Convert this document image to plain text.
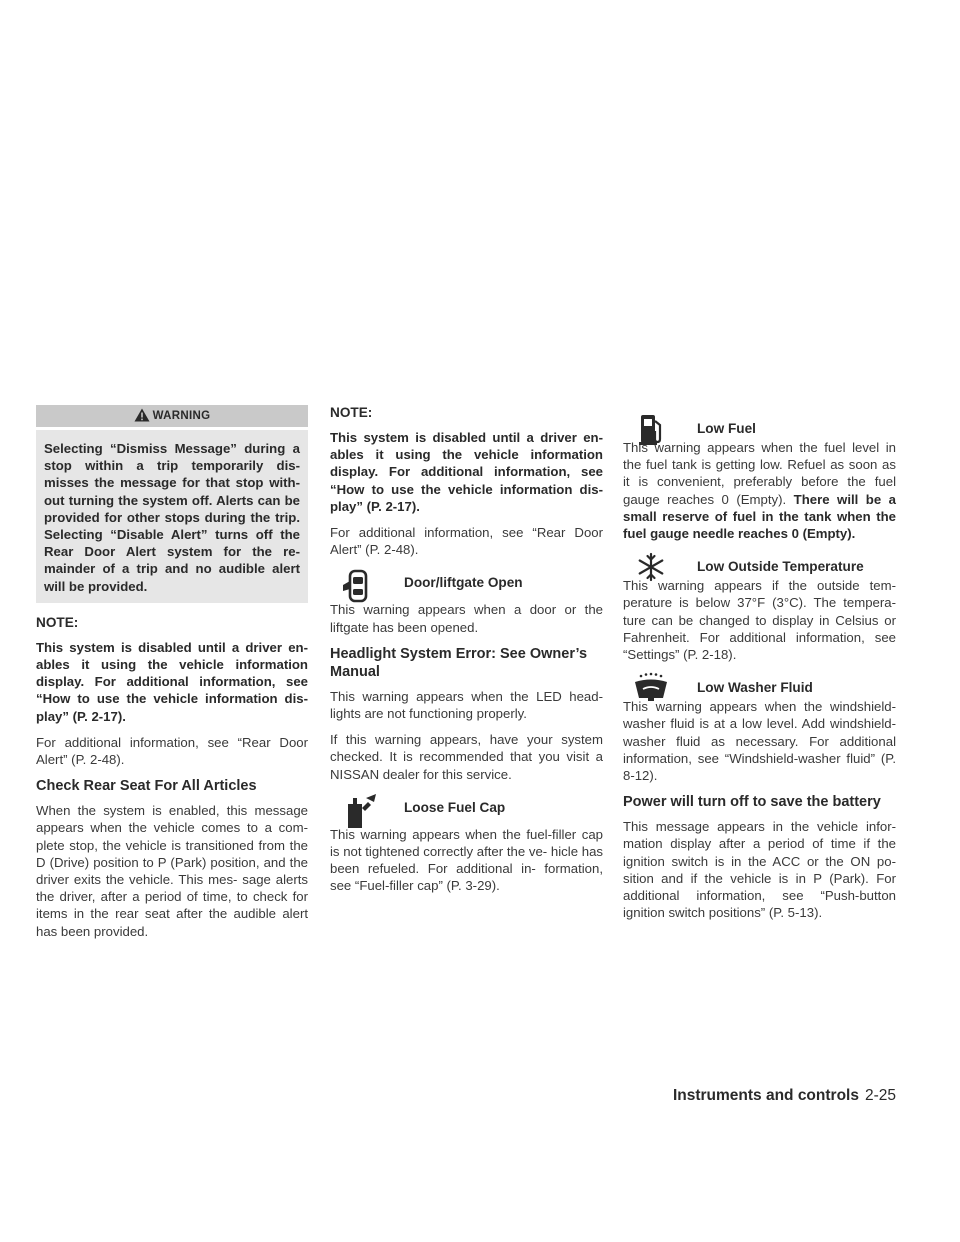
WARNING
Selecting “Dismiss Message” during a stop within a trip temporarily dis- misses the message for that stop with- out turning the system off. Alerts can be provided for other stops during the trip. Selecting “Disable Alert” turns off the Rear Door Alert system for the re- mainder of a trip and no audible alert will be provided.
NOTE:

This system is disabled until a driver en- ables it using the vehicle information display. For additional information, see “How to use the vehicle information dis- play” (P. 2-17).

For additional information, see “Rear Door Alert” (P. 2-48).

Check Rear Seat For All Articles

When the system is enabled, this message appears when the vehicle comes to a com- plete stop, the vehicle is transitioned from the D (Drive) position to P (Park) position, and the driver exits the vehicle. This mes- sage alerts the driver, after a period of time, to check for items in the rear seat after the audible alert has been provided.

NOTE:

This system is disabled until a driver en- ables it using the vehicle information display. For additional information, see “How to use the vehicle information dis- play” (P. 2-17).

For additional information, see “Rear Door Alert” (P. 2-48).

Door/liftgate Open

This warning appears when a door or the liftgate has been opened.

Headlight System Error: See Owner’s Manual

This warning appears when the LED head- lights are not functioning properly.

If this warning appears, have your system checked. It is recommended that you visit a NISSAN dealer for this service.

Loose Fuel Cap

This warning appears when the fuel-filler cap is not tightened correctly after the ve- hicle has been refueled. For additional in- formation, see “Fuel-filler cap” (P. 3-29).

Low Fuel

This warning appears when the fuel level in the fuel tank is getting low. Refuel as soon as it is convenient, preferably before the fuel gauge reaches 0 (Empty). There will be a small reserve of fuel in the tank when the fuel gauge needle reaches 0 (Empty).

Low Outside Temperature

This warning appears if the outside tem- perature is below 37°F (3°C). The tempera- ture can be changed to display in Celsius or Fahrenheit. For additional information, see “Settings” (P. 2-18).

Low Washer Fluid

This warning appears when the windshield-washer fluid is at a low level. Add windshield-washer fluid as necessary. For additional information, see “Windshield-washer fluid” (P. 8-12).

Power will turn off to save the battery

This message appears in the vehicle infor- mation display after a period of time if the ignition switch is in the ACC or the ON po- sition and if the vehicle is in P (Park). For additional information, see “Push-button ignition switch positions” (P. 5-13).

Instruments and controls 2-25
